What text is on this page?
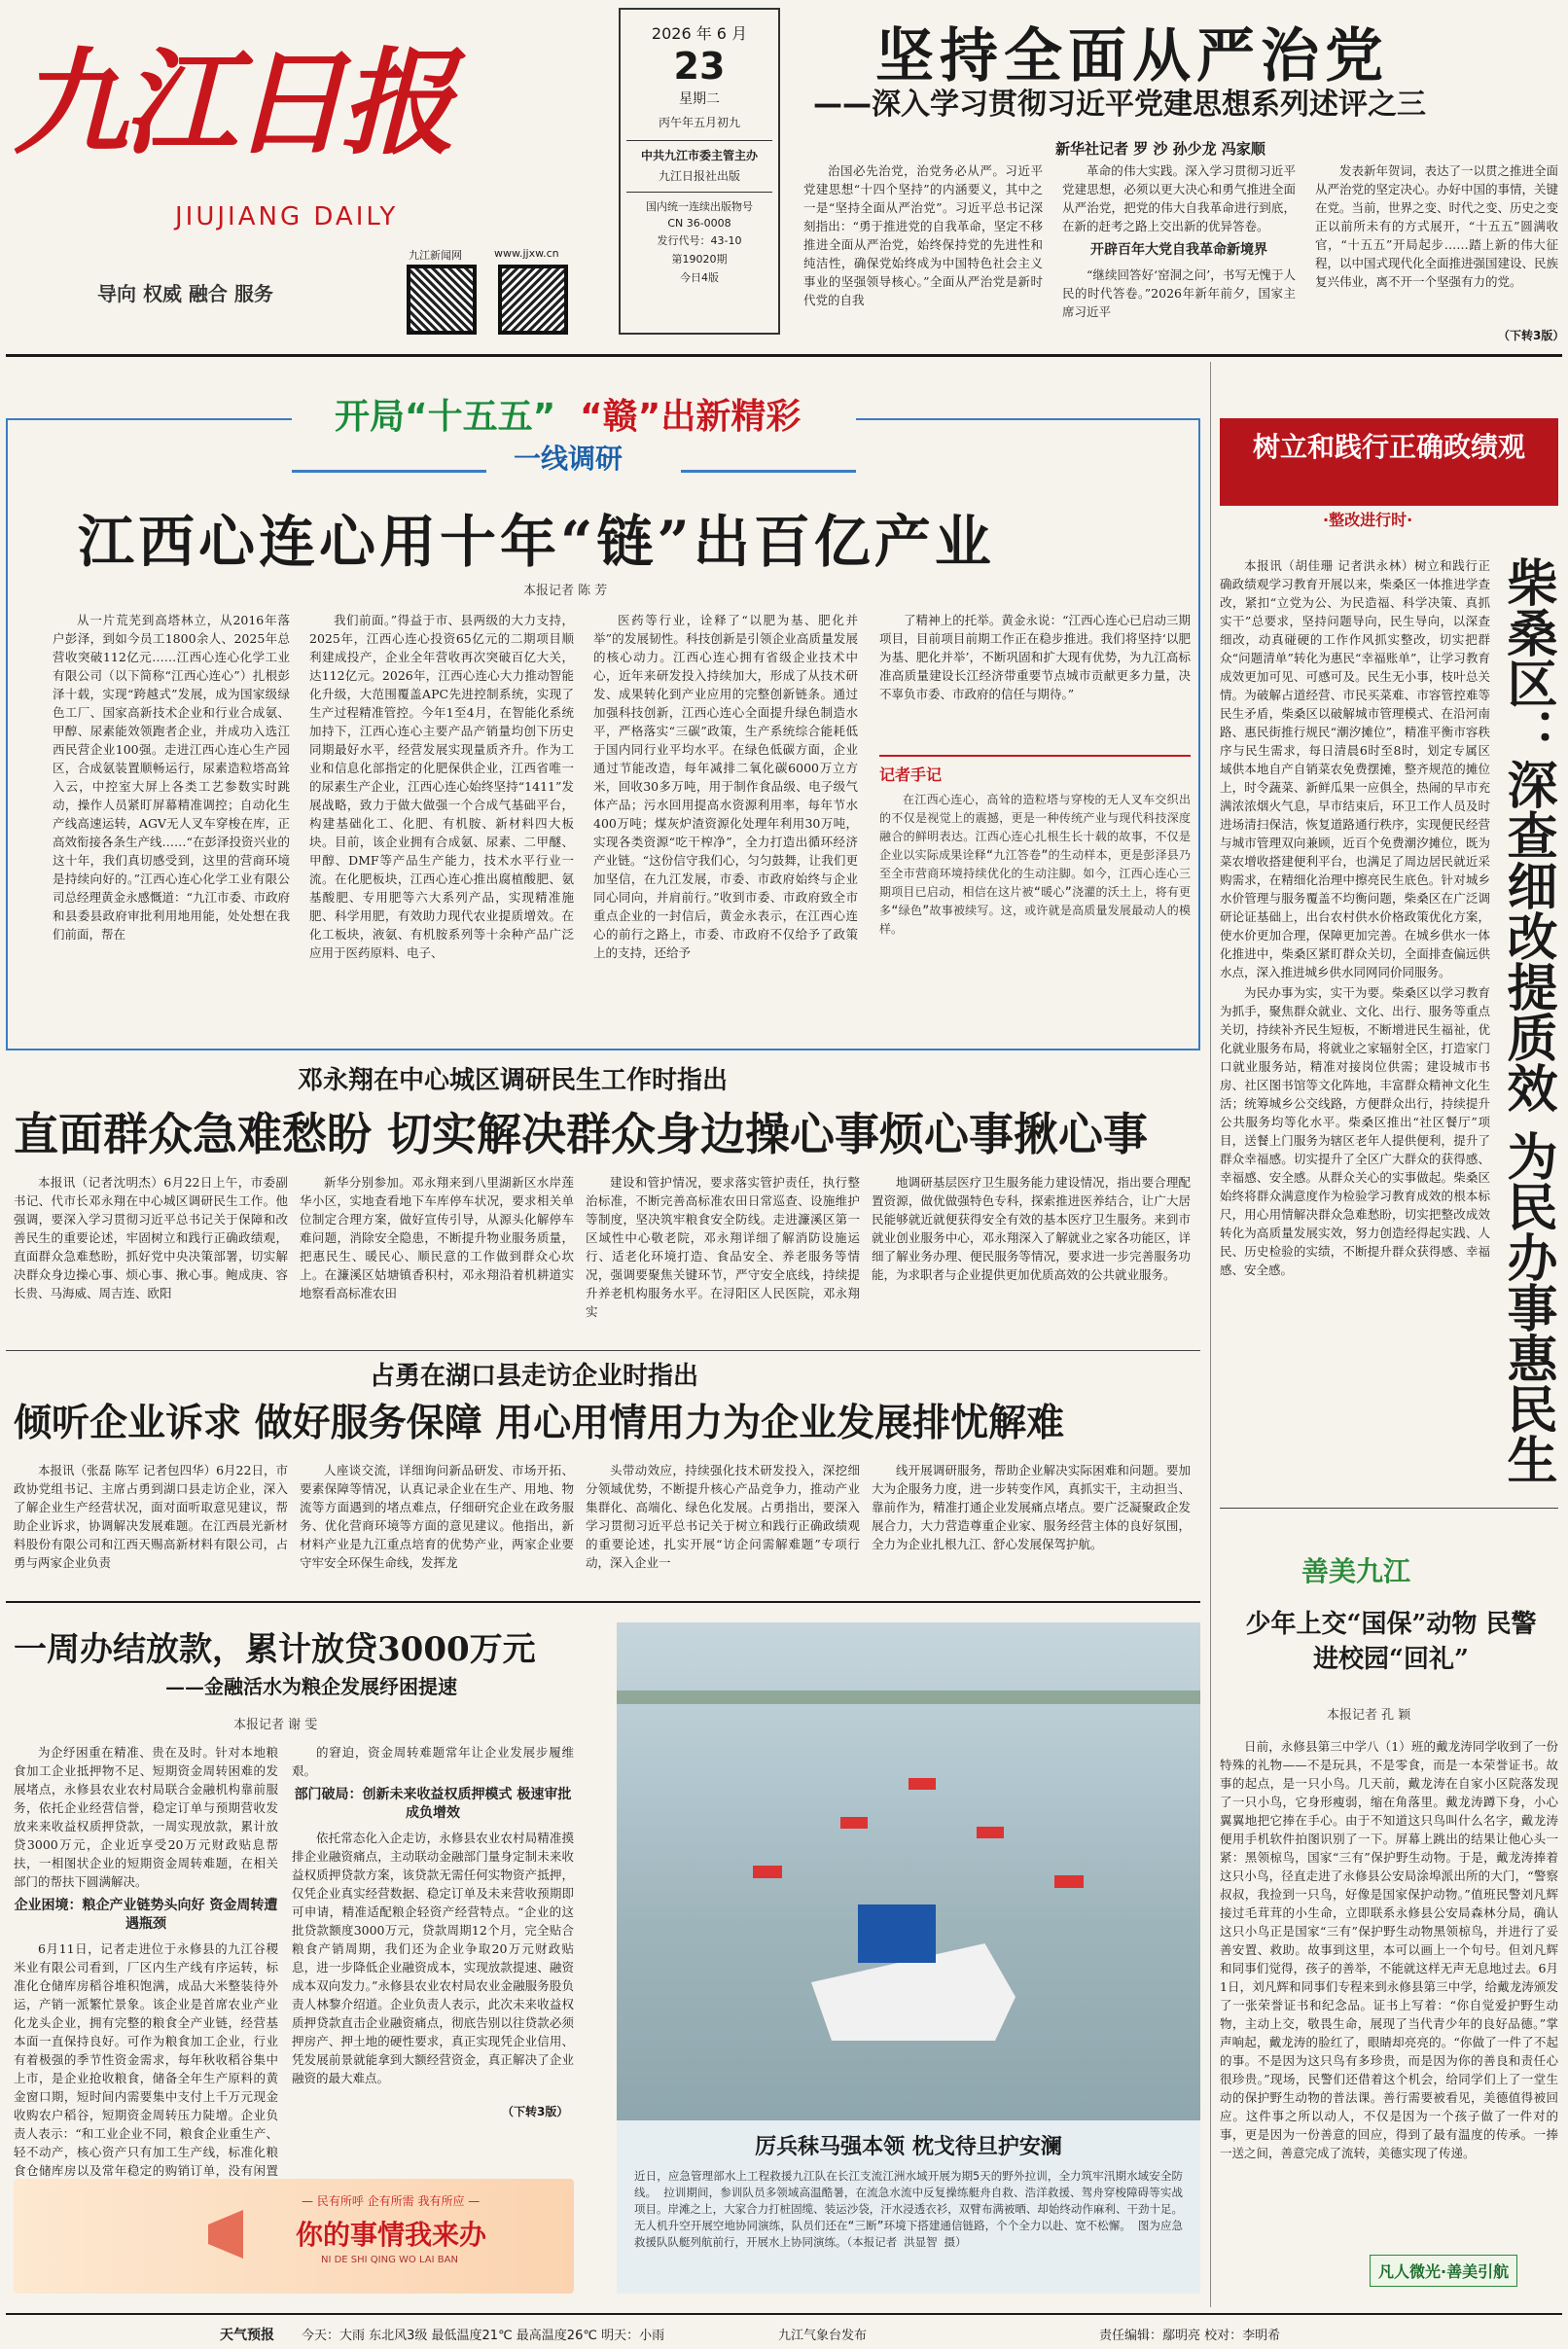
九江日报
JIUJIANG DAILY
导向 权威 融合 服务
九江新闻网	www.jjxw.cn
2026 年 6 月
23
星期二
丙午年五月初九
中共九江市委主管主办
九江日报社出版
国内统一连续出版物号
CN 36-0008
发行代号：43-10
第19020期
今日4版
坚持全面从严治党
——深入学习贯彻习近平党建思想系列述评之三
新华社记者 罗 沙 孙少龙 冯家顺

治国必先治党，治党务必从严。习近平党建思想“十四个坚持”的内涵要义，其中之一是“坚持全面从严治党”。习近平总书记深刻指出：“勇于推进党的自我革命，坚定不移推进全面从严治党，始终保持党的先进性和纯洁性，确保党始终成为中国特色社会主义事业的坚强领导核心。”全面从严治党是新时代党的自我

革命的伟大实践。深入学习贯彻习近平党建思想，必须以更大决心和勇气推进全面从严治党，把党的伟大自我革命进行到底，在新的赶考之路上交出新的优异答卷。

开辟百年大党自我革命新境界

“继续回答好‘窑洞之问’，书写无愧于人民的时代答卷。”2026年新年前夕，国家主席习近平

发表新年贺词，表达了一以贯之推进全面从严治党的坚定决心。办好中国的事情，关键在党。当前，世界之变、时代之变、历史之变正以前所未有的方式展开，“十五五”圆满收官，“十五五”开局起步……踏上新的伟大征程，以中国式现代化全面推进强国建设、民族复兴伟业，离不开一个坚强有力的党。

（下转3版）
开局“十五五” “赣”出新精彩
一线调研
江西心连心用十年“链”出百亿产业
本报记者 陈 芳

从一片荒芜到高塔林立，从2016年落户彭泽，到如今员工1800余人、2025年总营收突破112亿元……江西心连心化学工业有限公司（以下简称“江西心连心”）扎根彭泽十载，实现“跨越式”发展，成为国家级绿色工厂、国家高新技术企业和行业合成氨、甲醇、尿素能效领跑者企业，并成功入选江西民营企业100强。走进江西心连心生产园区，合成氨装置顺畅运行，尿素造粒塔高耸入云，中控室大屏上各类工艺参数实时跳动，操作人员紧盯屏幕精准调控；自动化生产线高速运转，AGV无人叉车穿梭在库，正高效衔接各条生产线……“在彭泽投资兴业的这十年，我们真切感受到，这里的营商环境是持续向好的。”江西心连心化学工业有限公司总经理黄金永感慨道：“九江市委、市政府和县委县政府审批利用地用能，处处想在我们前面，帮在

我们前面。”得益于市、县两级的大力支持，2025年，江西心连心投资65亿元的二期项目顺利建成投产，企业全年营收再次突破百亿大关，达112亿元。2026年，江西心连心大力推动智能化升级，大范围覆盖APC先进控制系统，实现了生产过程精准管控。今年1至4月，在智能化系统加持下，江西心连心主要产品产销量均创下历史同期最好水平，经营发展实现量质齐升。作为工业和信息化部指定的化肥保供企业，江西省唯一的尿素生产企业，江西心连心始终坚持“1411”发展战略，致力于做大做强一个合成气基础平台，构建基础化工、化肥、有机胺、新材料四大板块。目前，该企业拥有合成氨、尿素、二甲醚、甲醇、DMF等产品生产能力，技术水平行业一流。在化肥板块，江西心连心推出腐植酸肥、氨基酸肥、专用肥等六大系列产品，实现精准施肥、科学用肥，有效助力现代农业提质增效。在化工板块，液氨、有机胺系列等十余种产品广泛应用于医药原料、电子、

医药等行业，诠释了“以肥为基、肥化并举”的发展韧性。科技创新是引领企业高质量发展的核心动力。江西心连心拥有省级企业技术中心，近年来研发投入持续加大，形成了从技术研发、成果转化到产业应用的完整创新链条。通过加强科技创新，江西心连心全面提升绿色制造水平，严格落实“三碳”政策，生产系统综合能耗低于国内同行业平均水平。在绿色低碳方面，企业通过节能改造，每年减排二氧化碳6000万立方米，回收30多万吨，用于制作食品级、电子级气体产品；污水回用提高水资源利用率，每年节水400万吨；煤灰炉渣资源化处理年利用30万吨，实现各类资源“吃干榨净”，全力打造出循环经济产业链。“这份信守我们心，匀匀鼓舞，让我们更加坚信，在九江发展，市委、市政府始终与企业同心同向，并肩前行。”收到市委、市政府致全市重点企业的一封信后，黄金永表示，在江西心连心的前行之路上，市委、市政府不仅给予了政策上的支持，还给予

了精神上的托举。黄金永说：“江西心连心已启动三期项目，目前项目前期工作正在稳步推进。我们将坚持‘以肥为基、肥化并举’，不断巩固和扩大现有优势，为九江高标准高质量建设长江经济带重要节点城市贡献更多力量，决不辜负市委、市政府的信任与期待。”

记者手记
在江西心连心，高耸的造粒塔与穿梭的无人叉车交织出的不仅是视觉上的震撼，更是一种传统产业与现代科技深度融合的鲜明表达。江西心连心扎根生长十载的故事，不仅是企业以实际成果诠释“九江答卷”的生动样本，更是彭泽县乃至全市营商环境持续优化的生动注脚。如今，江西心连心三期项目已启动，相信在这片被“暖心”浇灌的沃土上，将有更多“绿色”故事被续写。这，或许就是高质量发展最动人的模样。
邓永翔在中心城区调研民生工作时指出
直面群众急难愁盼 切实解决群众身边操心事烦心事揪心事

本报讯（记者沈明杰）6月22日上午，市委副书记、代市长邓永翔在中心城区调研民生工作。他强调，要深入学习贯彻习近平总书记关于保障和改善民生的重要论述，牢固树立和践行正确政绩观，直面群众急难愁盼，抓好党中央决策部署，切实解决群众身边操心事、烦心事、揪心事。鲍成庚、容长贵、马海威、周吉连、欧阳

新华分别参加。邓永翔来到八里湖新区水岸莲华小区，实地查看地下车库停车状况，要求相关单位制定合理方案，做好宣传引导，从源头化解停车难问题，消除安全隐患，不断提升物业服务质量，把惠民生、暖民心、顺民意的工作做到群众心坎上。在濂溪区姑塘镇香积村，邓永翔沿着机耕道实地察看高标准农田

建设和管护情况，要求落实管护责任，执行整治标准，不断完善高标准农田日常巡查、设施维护等制度，坚决筑牢粮食安全防线。走进濂溪区第一区域性中心敬老院，邓永翔详细了解消防设施运行、适老化环境打造、食品安全、养老服务等情况，强调要聚焦关键环节，严守安全底线，持续提升养老机构服务水平。在浔阳区人民医院，邓永翔实

地调研基层医疗卫生服务能力建设情况，指出要合理配置资源，做优做强特色专科，探索推进医养结合，让广大居民能够就近就便获得安全有效的基本医疗卫生服务。来到市就业创业服务中心，邓永翔深入了解就业之家各功能区，详细了解业务办理、便民服务等情况，要求进一步完善服务功能，为求职者与企业提供更加优质高效的公共就业服务。

占勇在湖口县走访企业时指出
倾听企业诉求 做好服务保障 用心用情用力为企业发展排忧解难

本报讯（张磊 陈军 记者包四华）6月22日，市政协党组书记、主席占勇到湖口县走访企业，深入了解企业生产经营状况，面对面听取意见建议，帮助企业诉求，协调解决发展难题。在江西晨光新材料股份有限公司和江西天赐高新材料有限公司，占勇与两家企业负责

人座谈交流，详细询问新品研发、市场开拓、要素保障等情况，认真记录企业在生产、用地、物流等方面遇到的堵点难点，仔细研究企业在政务服务、优化营商环境等方面的意见建议。他指出，新材料产业是九江重点培育的优势产业，两家企业要守牢安全环保生命线，发挥龙

头带动效应，持续强化技术研发投入，深挖细分领域优势，不断提升核心产品竞争力，推动产业集群化、高端化、绿色化发展。占勇指出，要深入学习贯彻习近平总书记关于树立和践行正确政绩观的重要论述，扎实开展“访企问需解难题”专项行动，深入企业一

线开展调研服务，帮助企业解决实际困难和问题。要加大为企服务力度，进一步转变作风，真抓实干，主动担当、靠前作为，精准打通企业发展痛点堵点。要广泛凝聚政企发展合力，大力营造尊重企业家、服务经营主体的良好氛围，全力为企业扎根九江、舒心发展保驾护航。

一周办结放款，累计放贷3000万元
——金融活水为粮企发展纾困提速
本报记者 谢 雯

为企纾困重在精准、贵在及时。针对本地粮食加工企业抵押物不足、短期资金周转困难的发展堵点，永修县农业农村局联合金融机构靠前服务，依托企业经营信誉，稳定订单与预期营收发放来来收益权质押贷款，一周实现放款，累计放贷3000万元，企业近享受20万元财政贴息帮扶，一相图状企业的短期资金周转难题，在相关部门的帮扶下圆满解决。

企业困境：粮企产业链势头向好 资金周转遭遇瓶颈

6月11日，记者走进位于永修县的九江谷稷米业有限公司看到，厂区内生产线有序运转，标准化仓储库房稻谷堆积饱满，成品大米整装待外运，产销一派繁忙景象。该企业是首席农业产业化龙头企业，拥有完整的粮食全产业链，经营基本面一直保持良好。可作为粮食加工企业，行业有着极强的季节性资金需求，每年秋收稻谷集中上市，是企业抢收粮食，储备全年生产原料的黄金窗口期，短时间内需要集中支付上千万元现金收购农户稻谷，短期资金周转压力陡增。企业负责人表示：“和工业企业不同，粮食企业重生产、轻不动产，核心资产只有加工生产线，标准化粮食仓储库房以及常年稳定的购销订单，没有闲置

的窘迫，资金周转难题常年让企业发展步履维艰。

部门破局：创新未来收益权质押模式 极速审批成负增效

依托常态化入企走访，永修县农业农村局精准摸排企业融资痛点，主动联动金融部门量身定制未来收益权质押贷款方案，该贷款无需任何实物资产抵押，仅凭企业真实经营数据、稳定订单及未来营收预期即可申请，精准适配粮企轻资产经营特点。“企业的这批贷款额度3000万元，贷款周期12个月，完全贴合粮食产销周期，我们还为企业争取20万元财政贴息，进一步降低企业融资成本，实现放款提速、融资成本双向发力。”永修县农业农村局农业金融服务股负责人林黎介绍道。企业负责人表示，此次未来收益权质押贷款直击企业融资痛点，彻底告别以往贷款必须押房产、押土地的硬性要求，真正实现凭企业信用、凭发展前景就能拿到大额经营资金，真正解决了企业融资的最大难点。

（下转3版）
— 民有所呼 企有所需 我有所应 —
你的事情我来办
NI DE SHI QING WO LAI BAN
厉兵秣马强本领 枕戈待旦护安澜
近日，应急管理部水上工程救援九江队在长江支流江洲水域开展为期5天的野外拉训，全力筑牢汛期水域安全防线。 拉训期间，参训队员多领域高温酷暑，在流急水流中反复操练艇舟自救、浩洋救援、驾舟穿梭障碍等实战项目。岸滩之上，大家合力打桩固缆、装运沙袋，汗水浸透衣衫，双臂布满被晒、却始终动作麻利、干劲十足。无人机升空开展空地协同演练，队员们还在“三断”环境下搭建通信链路，个个全力以赴、宽不松懈。 图为应急救援队队艇列航前行，开展水上协同演练。（本报记者 洪显智 摄）
树立和践行正确政绩观
·整改进行时·
柴桑区：深查细改提质效 为民办事惠民生

本报讯（胡佳珊 记者洪永林）树立和践行正确政绩观学习教育开展以来，柴桑区一体推进学查改，紧扣“立党为公、为民造福、科学决策、真抓实干”总要求，坚持问题导向，民生导向，以深查细改，动真碰硬的工作作风抓实整改，切实把群众“问题清单”转化为惠民“幸福账单”，让学习教育成效更加可见、可感可及。民生无小事，枝叶总关情。为破解占道经营、市民买菜难、市容管控难等民生矛盾，柴桑区以破解城市管理模式、在沿河南路、惠民街推行规民“潮汐摊位”，精准平衡市容秩序与民生需求，每日清晨6时至8时，划定专属区域供本地自产自销菜农免费摆摊，整齐规范的摊位上，时令蔬菜、新鲜瓜果一应俱全，热闹的早市充满浓浓烟火气息，早市结束后，环卫工作人员及时进场清扫保洁，恢复道路通行秩序，实现便民经营与城市管理双向兼顾，近百个免费潮汐摊位，既为菜农增收搭建便利平台，也满足了周边居民就近采购需求，在精细化治理中擦亮民生底色。针对城乡水价管理与服务覆盖不均衡问题，柴桑区在广泛调研论证基础上，出台农村供水价格政策优化方案，使水价更加合理，保障更加完善。在城乡供水一体化推进中，柴桑区紧盯群众关切，全面排查偏远供水点，深入推进城乡供水同网同价同服务。

为民办事为实，实干为要。柴桑区以学习教育为抓手，聚焦群众就业、文化、出行、服务等重点关切，持续补齐民生短板，不断增进民生福祉，优化就业服务布局，将就业之家辐射全区，打造家门口就业服务站，精准对接岗位供需；建设城市书房、社区图书馆等文化阵地，丰富群众精神文化生活；统筹城乡公交线路，方便群众出行，持续提升公共服务均等化水平。柴桑区推出“社区餐厅”项目，送餐上门服务为辖区老年人提供便利，提升了群众幸福感。切实提升了全区广大群众的获得感、幸福感、安全感。从群众关心的实事做起。柴桑区始终将群众满意度作为检验学习教育成效的根本标尺，用心用情解决群众急难愁盼，切实把整改成效转化为高质量发展实效，努力创造经得起实践、人民、历史检验的实绩，不断提升群众获得感、幸福感、安全感。

善美九江
少年上交“国保”动物 民警进校园“回礼”
本报记者 孔 颖

日前，永修县第三中学八（1）班的戴龙涛同学收到了一份特殊的礼物——不是玩具，不是零食，而是一本荣誉证书。故事的起点，是一只小鸟。几天前，戴龙涛在自家小区院落发现了一只小鸟，它身形瘦弱，缩在角落里。戴龙涛蹲下身，小心翼翼地把它捧在手心。由于不知道这只鸟叫什么名字，戴龙涛便用手机软件拍图识别了一下。屏幕上跳出的结果让他心头一紧：黑领椋鸟，国家“三有”保护野生动物。于是，戴龙涛捧着这只小鸟，径直走进了永修县公安局涂埠派出所的大门，“警察叔叔，我捡到一只鸟，好像是国家保护动物。”值班民警刘凡辉接过毛茸茸的小生命，立即联系永修县公安局森林分局，确认这只小鸟正是国家“三有”保护野生动物黑领椋鸟，并进行了妥善安置、救助。故事到这里，本可以画上一个句号。但刘凡辉和同事们觉得，孩子的善举，不能就这样无声无息地过去。6月1日，刘凡辉和同事们专程来到永修县第三中学，给戴龙涛颁发了一张荣誉证书和纪念品。证书上写着：“你自觉爱护野生动物，主动上交，敬畏生命，展现了当代青少年的良好品德。”掌声响起，戴龙涛的脸红了，眼睛却亮亮的。“你做了一件了不起的事。不是因为这只鸟有多珍贵，而是因为你的善良和责任心很珍贵。”现场，民警们还借着这个机会，给同学们上了一堂生动的保护野生动物的普法课。善行需要被看见，美德值得被回应。这件事之所以动人，不仅是因为一个孩子做了一件对的事，更是因为一份善意的回应，得到了最有温度的传承。一捧一送之间，善意完成了流转，美德实现了传递。

凡人微光·善美引航
天气预报 今天：大雨 东北风3级 最低温度21℃ 最高温度26℃ 明天：小雨	九江气象台发布	责任编辑：鄢明亮 校对：李明希
